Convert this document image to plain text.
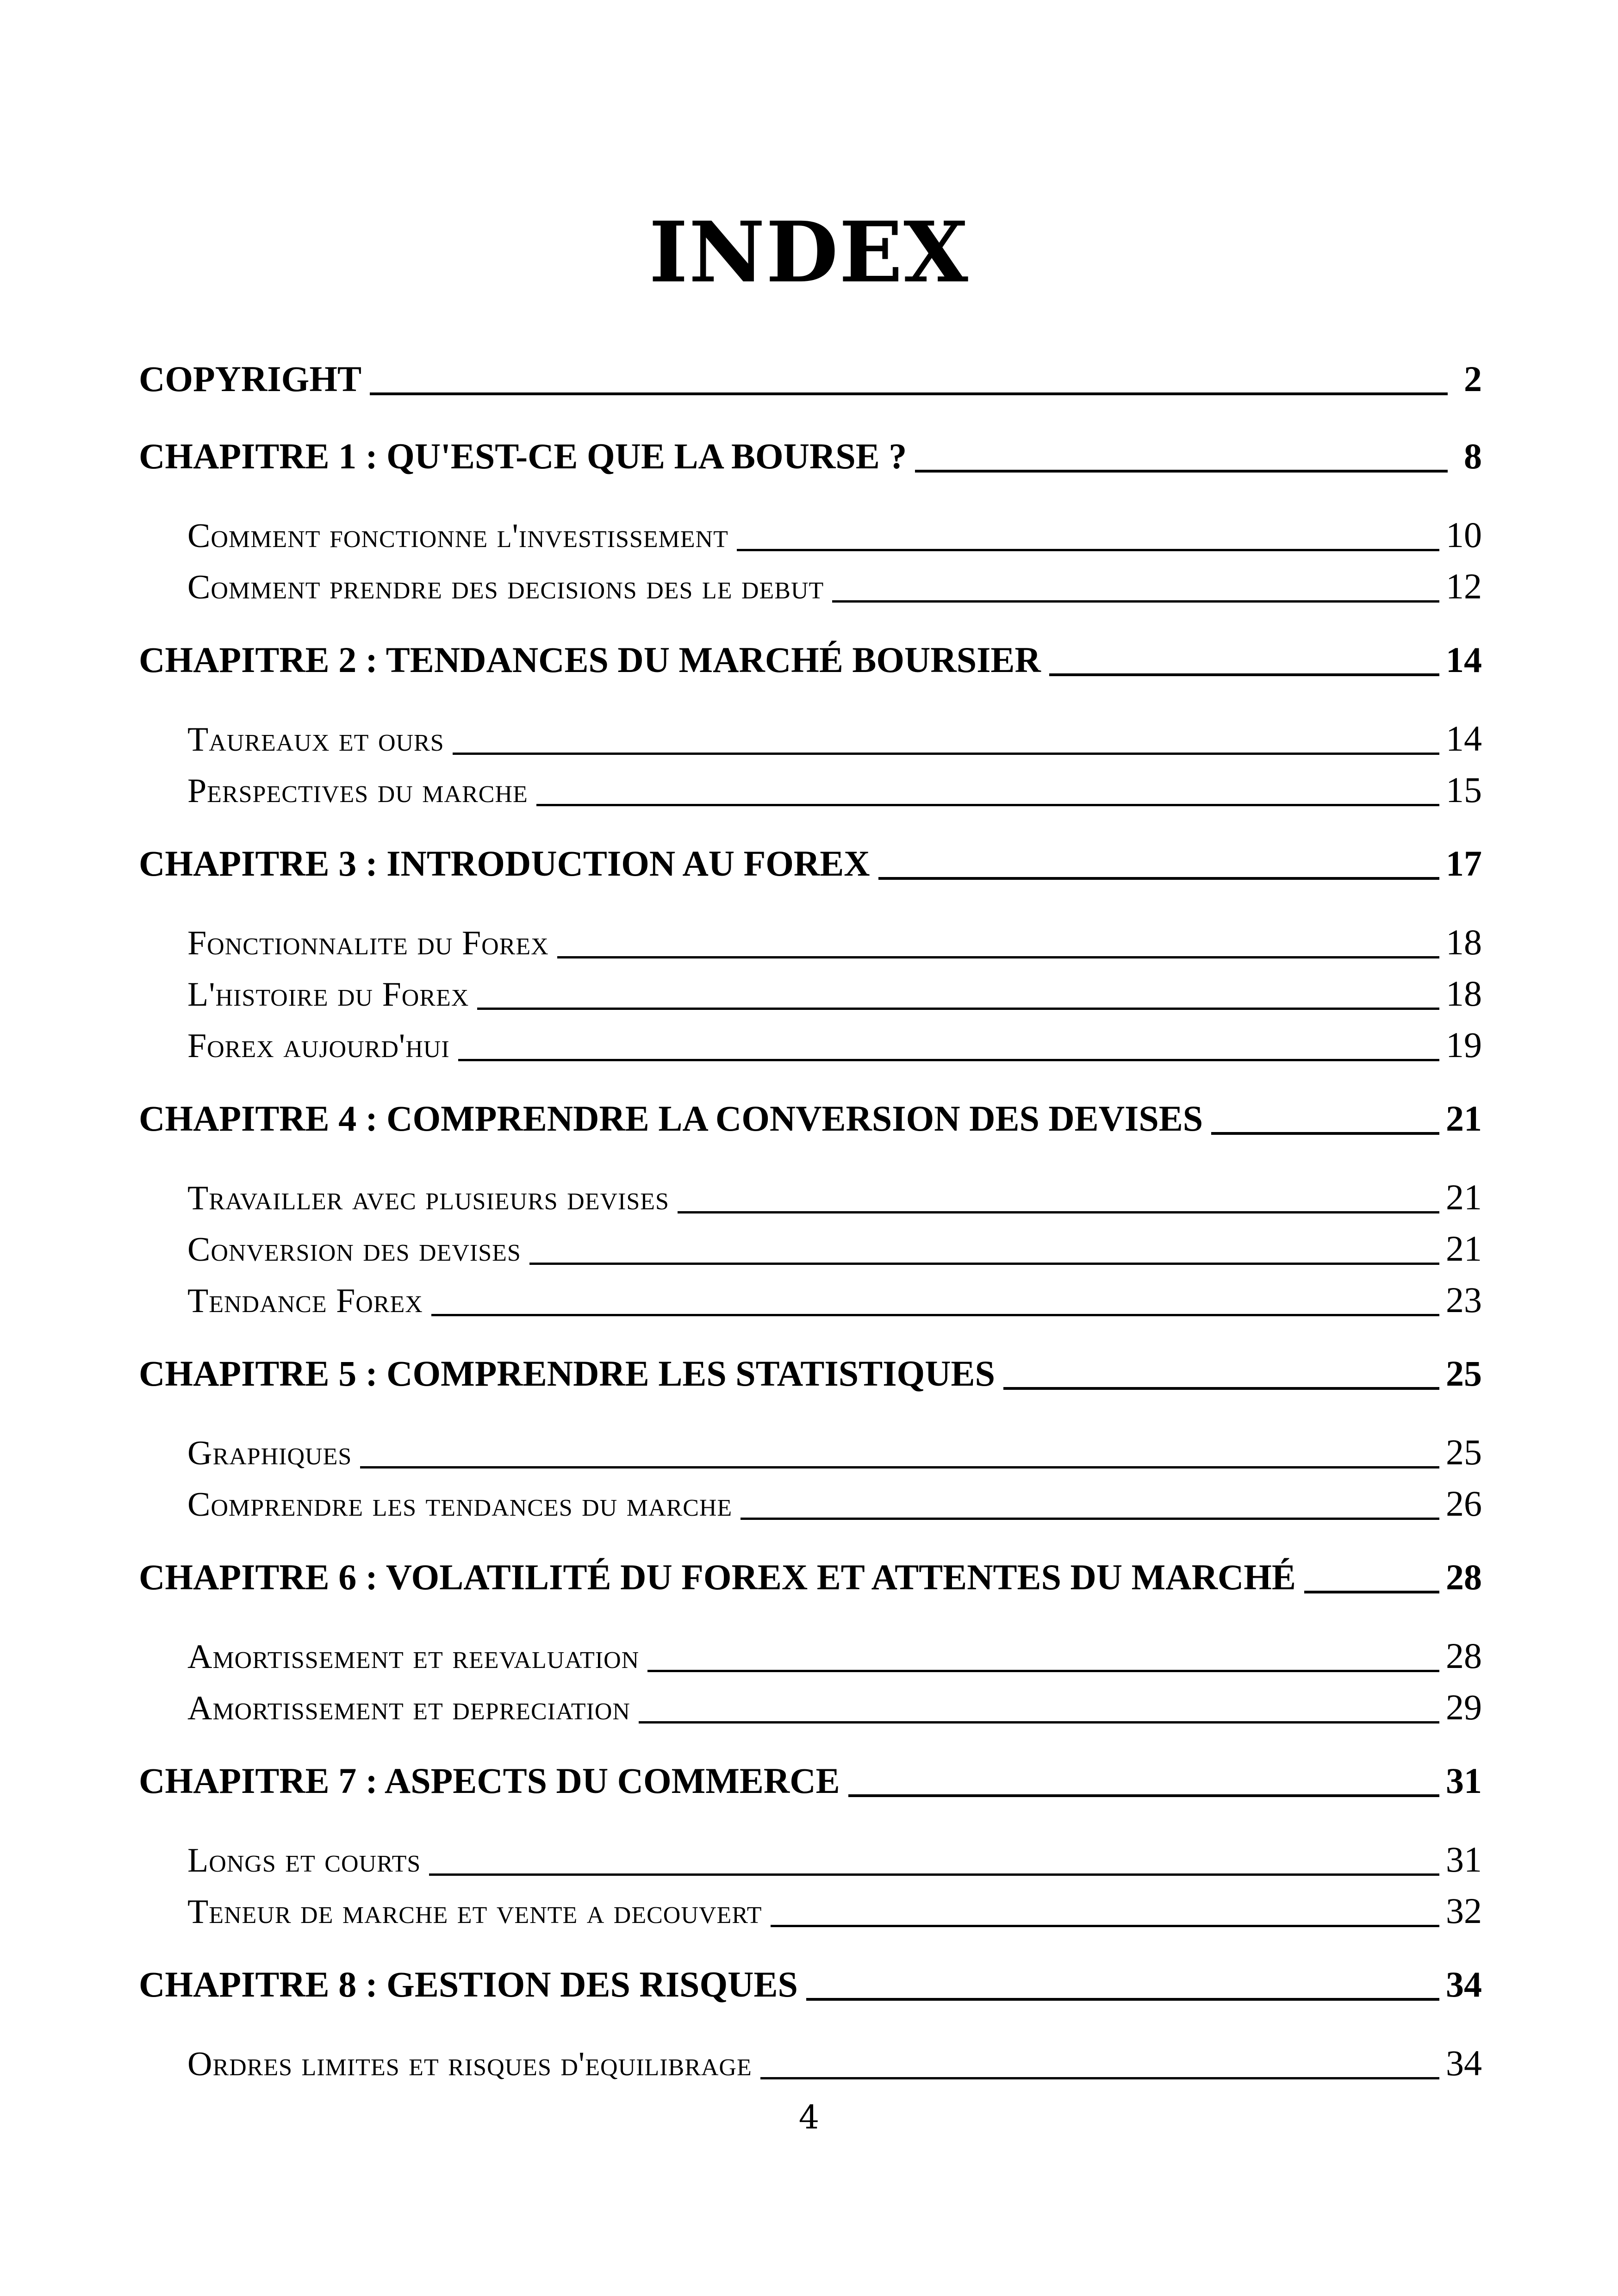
INDEX
COPYRIGHT	2
CHAPITRE 1 : QU'EST-CE QUE LA BOURSE ?	8
Comment fonctionne l'investissement	10
Comment prendre des decisions des le debut	12
CHAPITRE 2 : TENDANCES DU MARCHÉ BOURSIER	14
Taureaux et ours	14
Perspectives du marche	15
CHAPITRE 3 : INTRODUCTION AU FOREX	17
Fonctionnalite du Forex	18
L'histoire du Forex	18
Forex aujourd'hui	19
CHAPITRE 4 : COMPRENDRE LA CONVERSION DES DEVISES	21
Travailler avec plusieurs devises	21
Conversion des devises	21
Tendance Forex	23
CHAPITRE 5 : COMPRENDRE LES STATISTIQUES	25
Graphiques	25
Comprendre les tendances du marche	26
CHAPITRE 6 : VOLATILITÉ DU FOREX ET ATTENTES DU MARCHÉ	28
Amortissement et reevaluation	28
Amortissement et depreciation	29
CHAPITRE 7 : ASPECTS DU COMMERCE	31
Longs et courts	31
Teneur de marche et vente a decouvert	32
CHAPITRE 8 : GESTION DES RISQUES	34
Ordres limites et risques d'equilibrage	34
4
